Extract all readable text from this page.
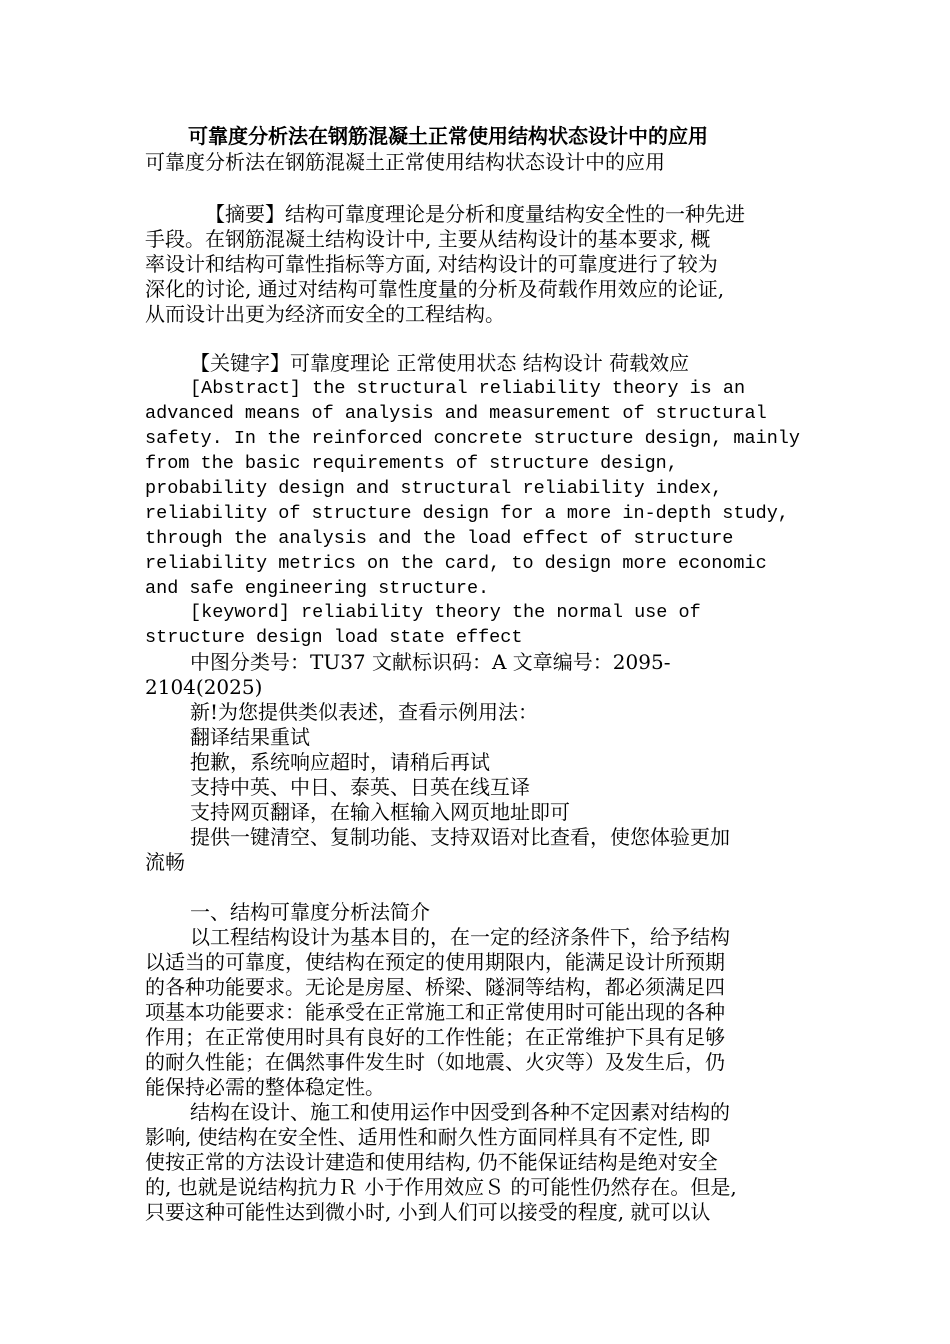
可靠度分析法在钢筋混凝土正常使用结构状态设计中的应用
可靠度分析法在钢筋混凝土正常使用结构状态设计中的应用
【摘要】结构可靠度理论是分析和度量结构安全性的一种先进
手段。在钢筋混凝土结构设计中, 主要从结构设计的基本要求, 概
率设计和结构可靠性指标等方面, 对结构设计的可靠度进行了较为
深化的讨论, 通过对结构可靠性度量的分析及荷载作用效应的论证,
从而设计出更为经济而安全的工程结构。
【关键字】可靠度理论 正常使用状态 结构设计 荷载效应
[Abstract] the structural reliability theory is an
advanced means of analysis and measurement of structural
safety. In the reinforced concrete structure design, mainly
from the basic requirements of structure design,
probability design and structural reliability index,
reliability of structure design for a more in-depth study,
through the analysis and the load effect of structure
reliability metrics on the card, to design more economic
and safe engineering structure.
[keyword] reliability theory the normal use of
structure design load state effect
中图分类号：TU37 文献标识码：A 文章编号：2095-
2104(2025)
新!为您提供类似表述，查看示例用法：
翻译结果重试
抱歉，系统响应超时，请稍后再试
支持中英、中日、泰英、日英在线互译
支持网页翻译，在输入框输入网页地址即可
提供一键清空、复制功能、支持双语对比查看，使您体验更加
流畅
一、结构可靠度分析法简介
以工程结构设计为基本目的，在一定的经济条件下，给予结构
以适当的可靠度，使结构在预定的使用期限内，能满足设计所预期
的各种功能要求。无论是房屋、桥梁、隧洞等结构，都必须满足四
项基本功能要求：能承受在正常施工和正常使用时可能出现的各种
作用；在正常使用时具有良好的工作性能；在正常维护下具有足够
的耐久性能；在偶然事件发生时（如地震、火灾等）及发生后，仍
能保持必需的整体稳定性。
结构在设计、施工和使用运作中因受到各种不定因素对结构的
影响, 使结构在安全性、适用性和耐久性方面同样具有不定性, 即
使按正常的方法设计建造和使用结构, 仍不能保证结构是绝对安全
的, 也就是说结构抗力Ｒ 小于作用效应Ｓ 的可能性仍然存在。但是,
只要这种可能性达到微小时, 小到人们可以接受的程度, 就可以认
